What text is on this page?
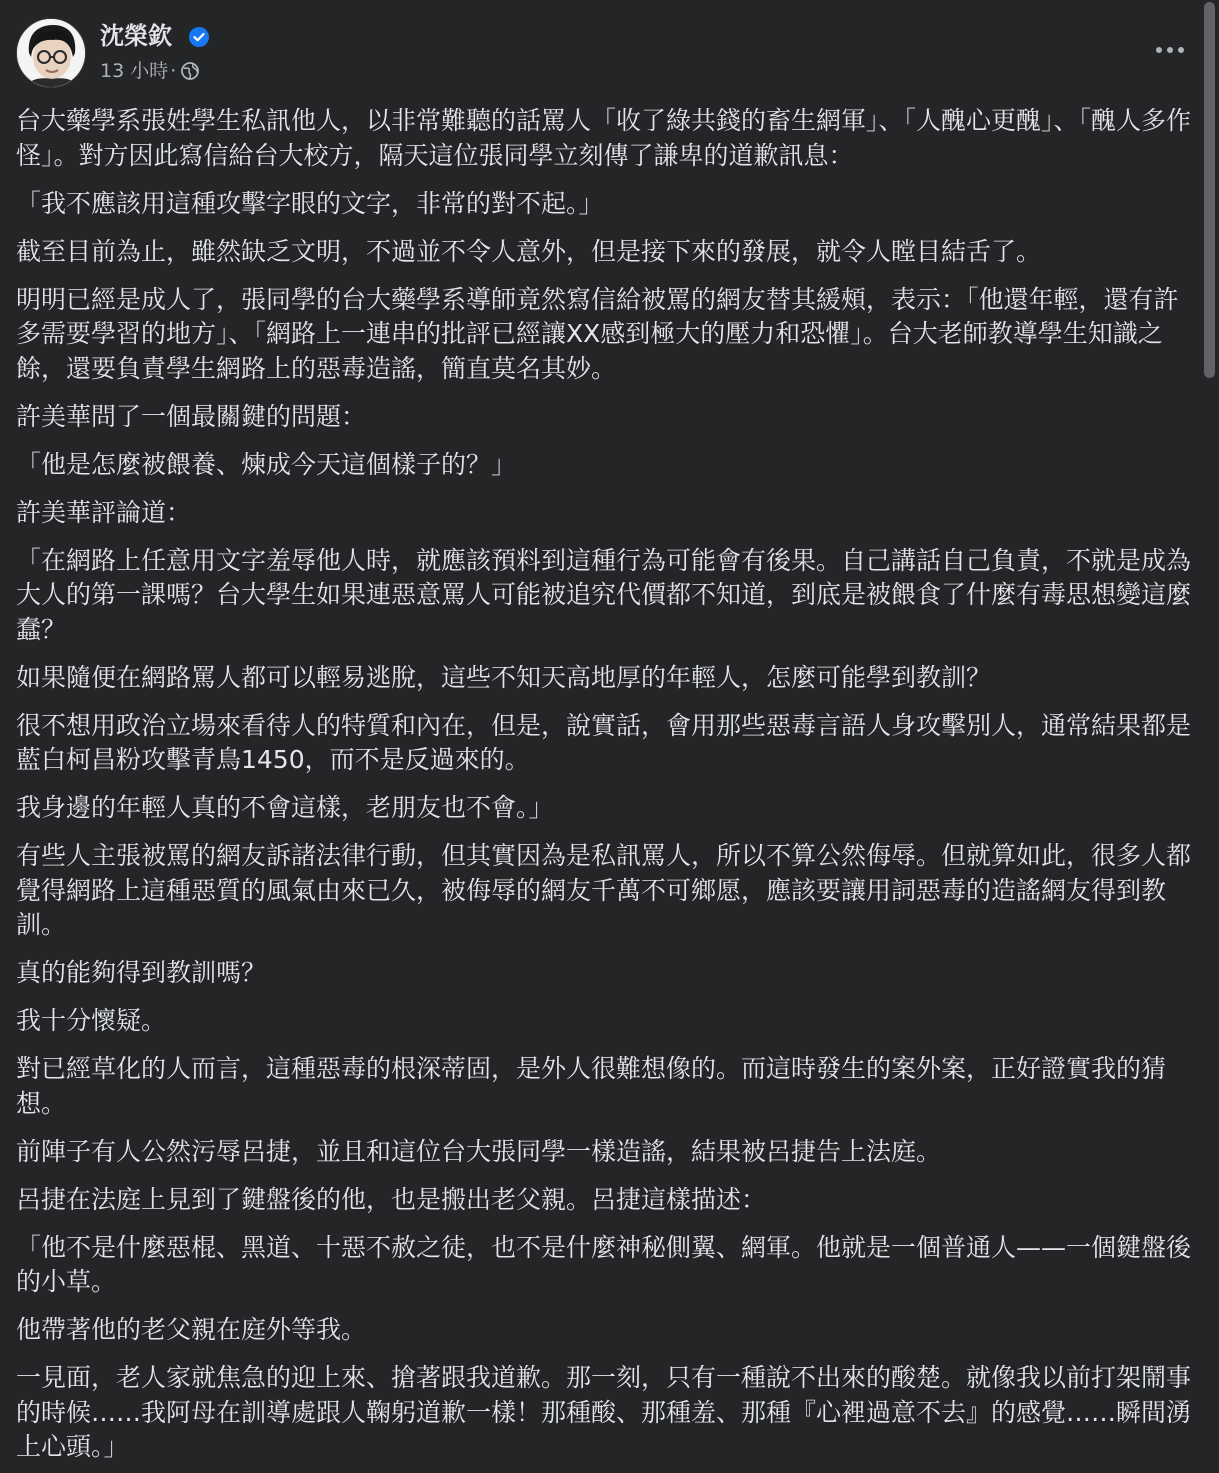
沈榮欽
13 小時 ·

台大藥學系張姓學生私訊他人，以非常難聽的話罵人「收了綠共錢的畜生網軍」、「人醜心更醜」、「醜人多作怪」。對方因此寫信給台大校方，隔天這位張同學立刻傳了謙卑的道歉訊息：

「我不應該用這種攻擊字眼的文字，非常的對不起。」

截至目前為止，雖然缺乏文明，不過並不令人意外，但是接下來的發展，就令人瞠目結舌了。

明明已經是成人了，張同學的台大藥學系導師竟然寫信給被罵的網友替其緩頰，表示：「他還年輕，還有許多需要學習的地方」、「網路上一連串的批評已經讓XX感到極大的壓力和恐懼」。台大老師教導學生知識之餘，還要負責學生網路上的惡毒造謠，簡直莫名其妙。

許美華問了一個最關鍵的問題：

「他是怎麼被餵養、煉成今天這個樣子的？」

許美華評論道：

「在網路上任意用文字羞辱他人時，就應該預料到這種行為可能會有後果。自己講話自己負責，不就是成為大人的第一課嗎？台大學生如果連惡意罵人可能被追究代價都不知道，到底是被餵食了什麼有毒思想變這麼蠢？

如果隨便在網路罵人都可以輕易逃脫，這些不知天高地厚的年輕人，怎麼可能學到教訓？

很不想用政治立場來看待人的特質和內在，但是，說實話，會用那些惡毒言語人身攻擊別人，通常結果都是藍白柯昌粉攻擊青鳥1450，而不是反過來的。

我身邊的年輕人真的不會這樣，老朋友也不會。」

有些人主張被罵的網友訴諸法律行動，但其實因為是私訊罵人，所以不算公然侮辱。但就算如此，很多人都覺得網路上這種惡質的風氣由來已久，被侮辱的網友千萬不可鄉愿，應該要讓用詞惡毒的造謠網友得到教訓。

真的能夠得到教訓嗎？

我十分懷疑。

對已經草化的人而言，這種惡毒的根深蒂固，是外人很難想像的。而這時發生的案外案，正好證實我的猜想。

前陣子有人公然污辱呂捷，並且和這位台大張同學一樣造謠，結果被呂捷告上法庭。

呂捷在法庭上見到了鍵盤後的他，也是搬出老父親。呂捷這樣描述：

「他不是什麼惡棍、黑道、十惡不赦之徒，也不是什麼神秘側翼、網軍。他就是一個普通人——一個鍵盤後的小草。

他帶著他的老父親在庭外等我。

一見面，老人家就焦急的迎上來、搶著跟我道歉。那一刻，只有一種說不出來的酸楚。就像我以前打架鬧事的時候……我阿母在訓導處跟人鞠躬道歉一樣！那種酸、那種羞、那種『心裡過意不去』的感覺……瞬間湧上心頭。」
